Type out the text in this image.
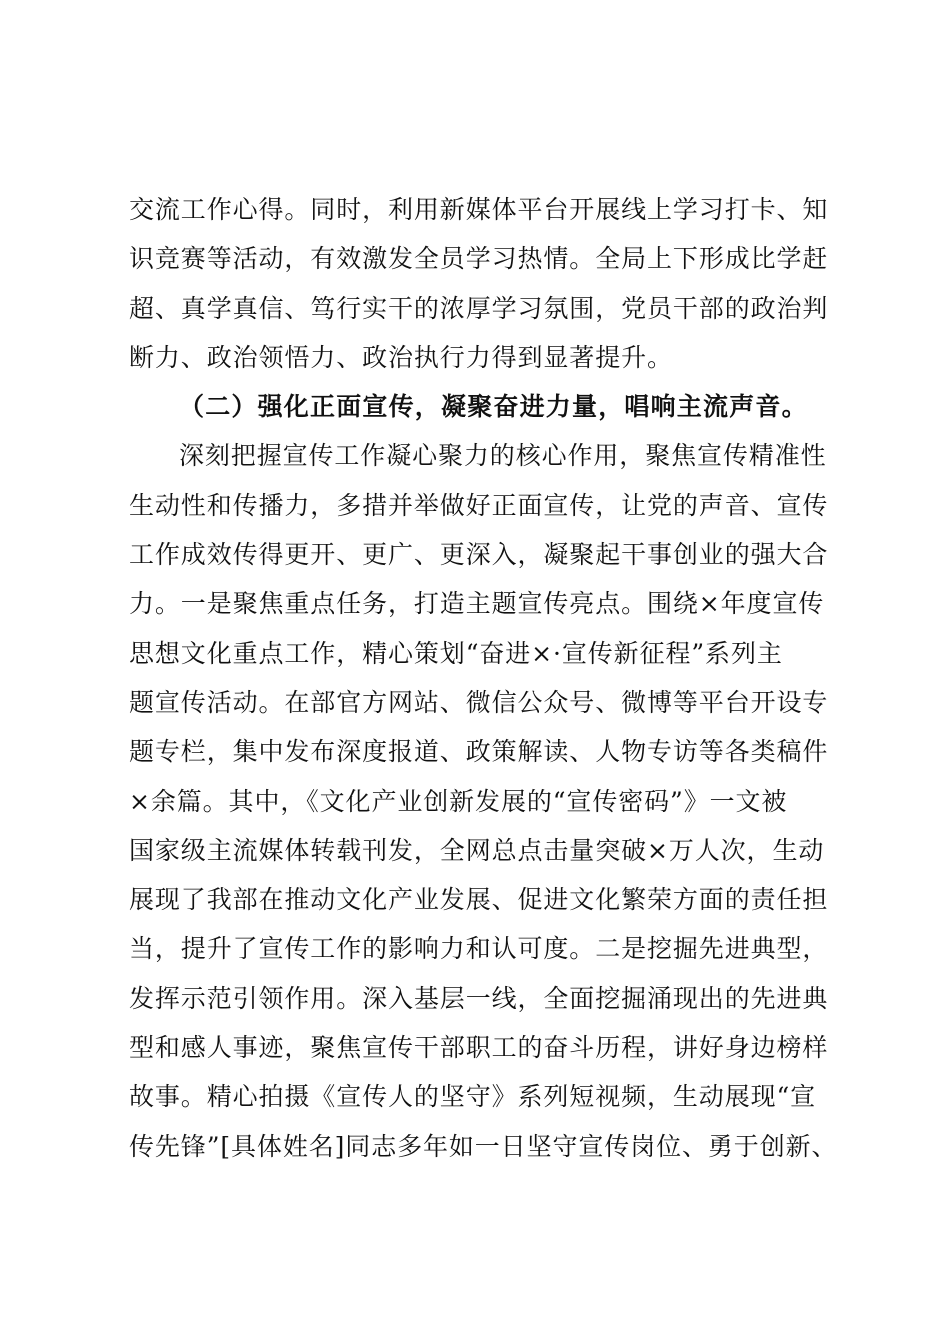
交流工作心得。同时，利用新媒体平台开展线上学习打卡、知
识竞赛等活动，有效激发全员学习热情。全局上下形成比学赶
超、真学真信、笃行实干的浓厚学习氛围，党员干部的政治判
断力、政治领悟力、政治执行力得到显著提升。
（二）强化正面宣传，凝聚奋进力量，唱响主流声音。
深刻把握宣传工作凝心聚力的核心作用，聚焦宣传精准性
生动性和传播力，多措并举做好正面宣传，让党的声音、宣传
工作成效传得更开、更广、更深入，凝聚起干事创业的强大合
力。一是聚焦重点任务，打造主题宣传亮点。围绕×年度宣传
思想文化重点工作，精心策划“奋进×·宣传新征程”系列主
题宣传活动。在部官方网站、微信公众号、微博等平台开设专
题专栏，集中发布深度报道、政策解读、人物专访等各类稿件
×余篇。其中，《文化产业创新发展的“宣传密码”》一文被
国家级主流媒体转载刊发，全网总点击量突破×万人次，生动
展现了我部在推动文化产业发展、促进文化繁荣方面的责任担
当，提升了宣传工作的影响力和认可度。二是挖掘先进典型，
发挥示范引领作用。深入基层一线，全面挖掘涌现出的先进典
型和感人事迹，聚焦宣传干部职工的奋斗历程，讲好身边榜样
故事。精心拍摄《宣传人的坚守》系列短视频，生动展现“宣
传先锋”[具体姓名]同志多年如一日坚守宣传岗位、勇于创新、
